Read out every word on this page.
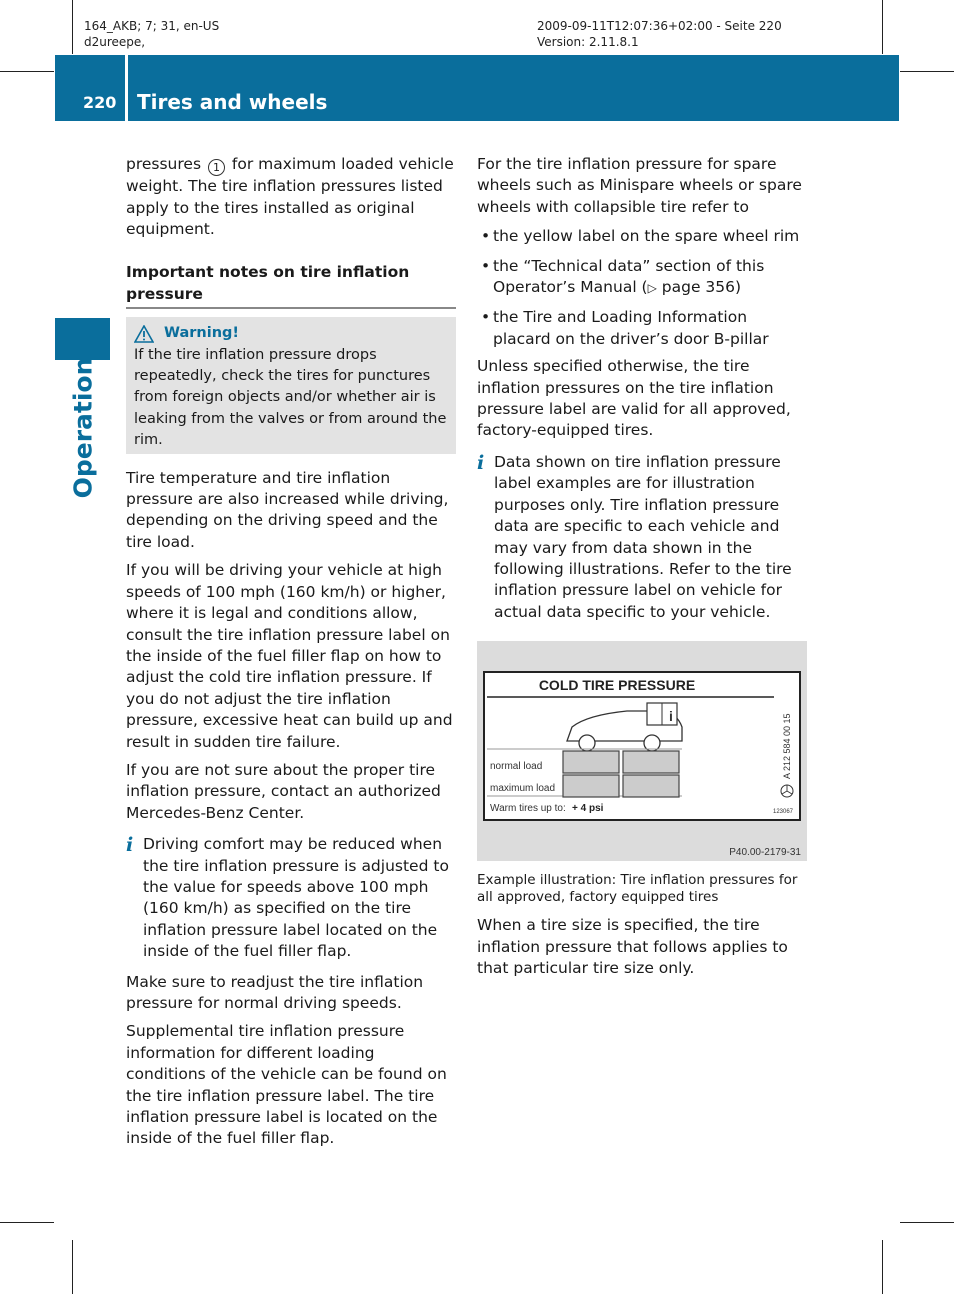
164_AKB; 7; 31, en-US
d2ureepe,
2009-09-11T12:07:36+02:00 - Seite 220
Version: 2.11.8.1
220 Tires and wheels
Operation

pressures 1 for maximum loaded vehicle weight. The tire inflation pressures listed apply to the tires installed as original equipment.

Important notes on tire inflation pressure
Warning!
If the tire inflation pressure drops repeatedly, check the tires for punctures from foreign objects and/or whether air is leaking from the valves or from around the rim.

Tire temperature and tire inflation pressure are also increased while driving, depending on the driving speed and the tire load.

If you will be driving your vehicle at high speeds of 100 mph (160 km/h) or higher, where it is legal and conditions allow, consult the tire inflation pressure label on the inside of the fuel filler flap on how to adjust the cold tire inflation pressure. If you do not adjust the tire inflation pressure, excessive heat can build up and result in sudden tire failure.

If you are not sure about the proper tire inflation pressure, contact an authorized Mercedes-Benz Center.

i Driving comfort may be reduced when the tire inflation pressure is adjusted to the value for speeds above 100 mph (160 km/h) as specified on the tire inflation pressure label located on the inside of the fuel filler flap.

Make sure to readjust the tire inflation pressure for normal driving speeds.

Supplemental tire inflation pressure information for different loading conditions of the vehicle can be found on the tire inflation pressure label. The tire inflation pressure label is located on the inside of the fuel filler flap.

For the tire inflation pressure for spare wheels such as Minispare wheels or spare wheels with collapsible tire refer to

• the yellow label on the spare wheel rim
• the “Technical data” section of this Operator’s Manual (▷ page 356)
• the Tire and Loading Information placard on the driver’s door B-pillar

Unless specified otherwise, the tire inflation pressures on the tire inflation pressure label are valid for all approved, factory-equipped tires.

i Data shown on tire inflation pressure label examples are for illustration purposes only. Tire inflation pressure data are specific to each vehicle and may vary from data shown in the following illustrations. Refer to the tire inflation pressure label on vehicle for actual data specific to your vehicle.
COLD TIRE PRESSURE
i
normal load
maximum load
Warm tires up to: + 4 psi
A 212 584 00 15
123067
P40.00-2179-31
Example illustration: Tire inflation pressures for all approved, factory equipped tires

When a tire size is specified, the tire inflation pressure that follows applies to that particular tire size only.
